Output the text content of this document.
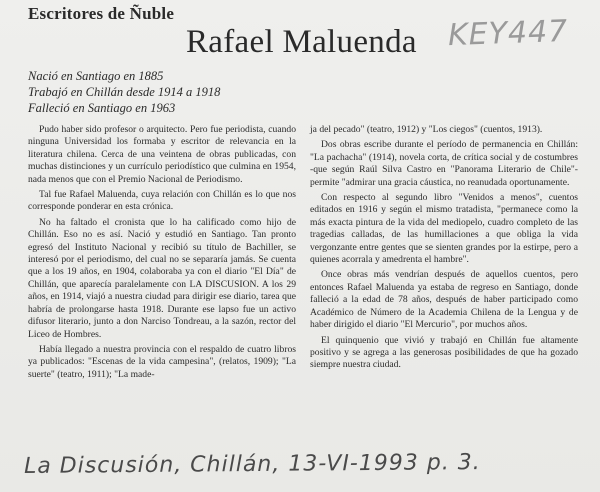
Escritores de Ñuble
Rafael Maluenda KEY447
Nació en Santiago en 1885
Trabajó en Chillán desde 1914 a 1918
Falleció en Santiago en 1963

Pudo haber sido profesor o arquitecto. Pero fue periodista, cuando ninguna Universidad los formaba y escritor de relevancia en la literatura chilena. Cerca de una veintena de obras publicadas, con muchas distinciones y un currículo periodístico que culmina en 1954, nada menos que con el Premio Nacional de Periodismo.

Tal fue Rafael Maluenda, cuya relación con Chillán es lo que nos corresponde ponderar en esta crónica.

No ha faltado el cronista que lo ha calificado como hijo de Chillán. Eso no es así. Nació y estudió en Santiago. Tan pronto egresó del Instituto Nacional y recibió su título de Bachiller, se interesó por el periodismo, del cual no se separaría jamás. Se cuenta que a los 19 años, en 1904, colaboraba ya con el diario "El Día" de Chillán, que aparecía paralelamente con LA DISCUSION. A los 29 años, en 1914, viajó a nuestra ciudad para dirigir ese diario, tarea que habría de prolongarse hasta 1918. Durante ese lapso fue un activo difusor literario, junto a don Narciso Tondreau, a la sazón, rector del Liceo de Hombres.

Había llegado a nuestra provincia con el respaldo de cuatro libros ya publicados: "Escenas de la vida campesina", (relatos, 1909); "La suerte" (teatro, 1911); "La made-

ja del pecado" (teatro, 1912) y "Los ciegos" (cuentos, 1913).

Dos obras escribe durante el período de permanencia en Chillán: "La pachacha" (1914), novela corta, de crítica social y de costumbres -que según Raúl Silva Castro en "Panorama Literario de Chile"- permite "admirar una gracia cáustica, no reanudada oportunamente.

Con respecto al segundo libro "Venidos a menos", cuentos editados en 1916 y según el mismo tratadista, "permanece como la más exacta pintura de la vida del mediopelo, cuadro completo de las tragedias calladas, de las humillaciones a que obliga la vida vergonzante entre gentes que se sienten grandes por la estirpe, pero a quienes acorrala y amedrenta el hambre".

Once obras más vendrían después de aquellos cuentos, pero entonces Rafael Maluenda ya estaba de regreso en Santiago, donde falleció a la edad de 78 años, después de haber participado como Académico de Número de la Academia Chilena de la Lengua y de haber dirigido el diario "El Mercurio", por muchos años.

El quinquenio que vivió y trabajó en Chillán fue altamente positivo y se agrega a las generosas posibilidades de que ha gozado siempre nuestra ciudad.

La Discusión, Chillán, 13-VI-1993 p. 3.
